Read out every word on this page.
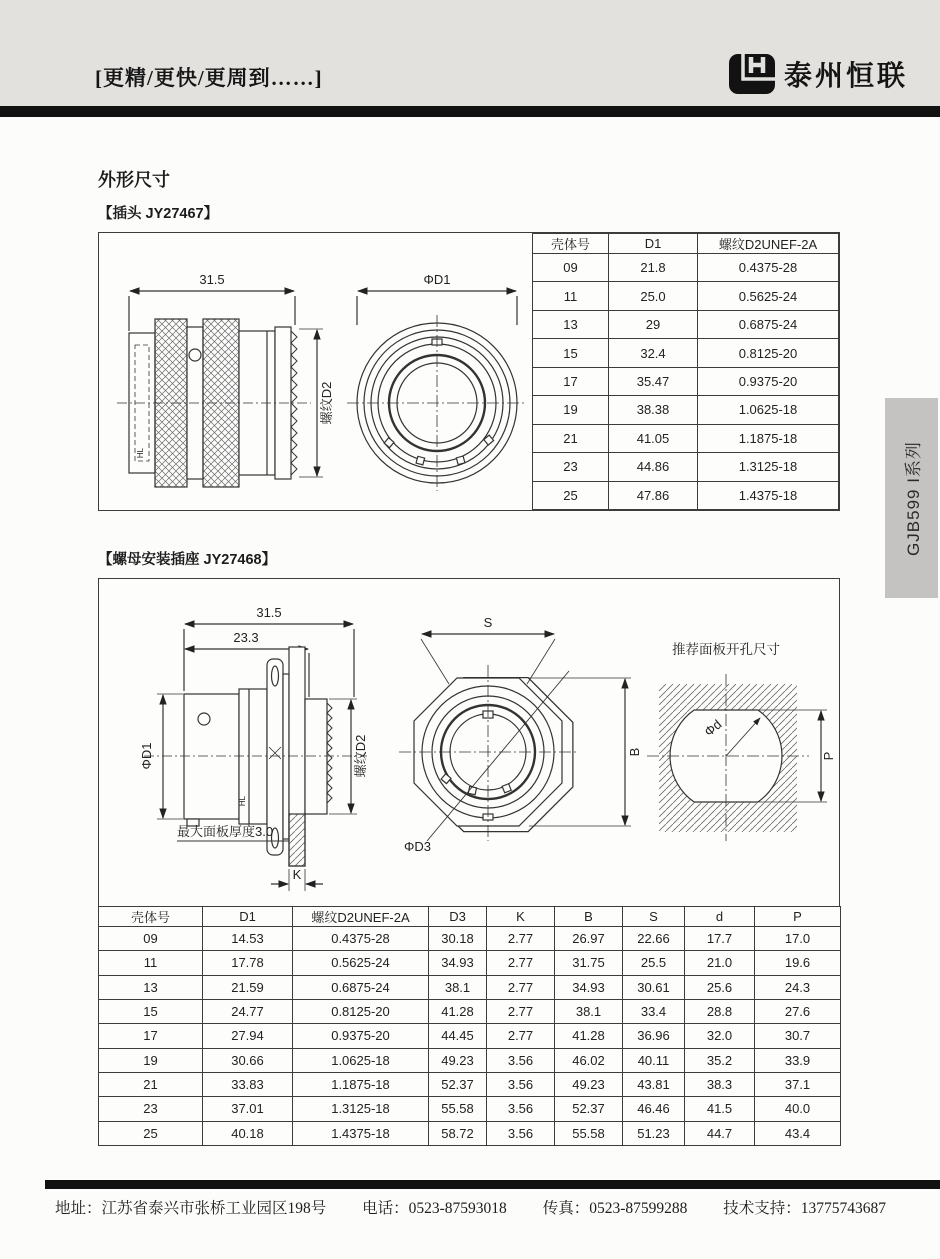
[更精/更快/更周到……]	泰州恒联
外形尺寸
【插头 JY27467】
31.5	ΦD1
螺纹D2
HL
壳体号	D1	螺纹D2UNEF-2A
09	21.8	0.4375-28
11	25.0	0.5625-24
13	29	0.6875-24
15	32.4	0.8125-20
17	35.47	0.9375-20
19	38.38	1.0625-18
21	41.05	1.1875-18
23	44.86	1.3125-18
25	47.86	1.4375-18
【螺母安装插座 JY27468】
31.5
23.3
ΦD1	螺纹D2
HL
最大面板厚度3.0
K
S
B
ΦD3
推荐面板开孔尺寸
Φd
P
壳体号	D1	螺纹D2UNEF-2A	D3	K	B	S	d	P
09	14.53	0.4375-28	30.18	2.77	26.97	22.66	17.7	17.0
11	17.78	0.5625-24	34.93	2.77	31.75	25.5	21.0	19.6
13	21.59	0.6875-24	38.1	2.77	34.93	30.61	25.6	24.3
15	24.77	0.8125-20	41.28	2.77	38.1	33.4	28.8	27.6
17	27.94	0.9375-20	44.45	2.77	41.28	36.96	32.0	30.7
19	30.66	1.0625-18	49.23	3.56	46.02	40.11	35.2	33.9
21	33.83	1.1875-18	52.37	3.56	49.23	43.81	38.3	37.1
23	37.01	1.3125-18	55.58	3.56	52.37	46.46	41.5	40.0
25	40.18	1.4375-18	58.72	3.56	55.58	51.23	44.7	43.4
GJB599 I系列
地址：江苏省泰兴市张桥工业园区198号 电话：0523-87593018 传真：0523-87599288 技术支持：13775743687
